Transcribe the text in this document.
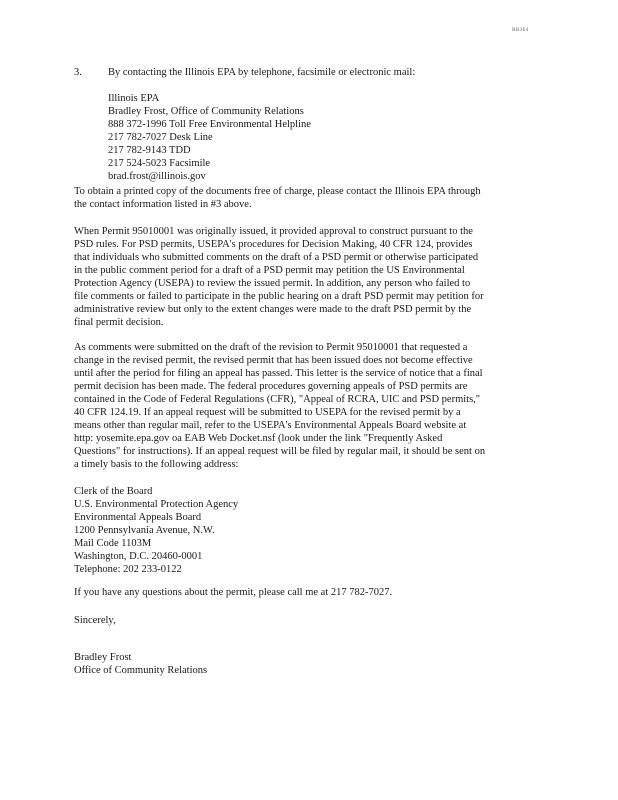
RB364
3. By contacting the Illinois EPA by telephone, facsimile or electronic mail:
Illinois EPA
Bradley Frost, Office of Community Relations
888 372-1996 Toll Free Environmental Helpline
217 782-7027 Desk Line
217 782-9143 TDD
217 524-5023 Facsimile
brad.frost@illinois.gov
To obtain a printed copy of the documents free of charge, please contact the Illinois EPA through
the contact information listed in #3 above.
When Permit 95010001 was originally issued, it provided approval to construct pursuant to the
PSD rules. For PSD permits, USEPA's procedures for Decision Making, 40 CFR 124, provides
that individuals who submitted comments on the draft of a PSD permit or otherwise participated
in the public comment period for a draft of a PSD permit may petition the US Environmental
Protection Agency (USEPA) to review the issued permit. In addition, any person who failed to
file comments or failed to participate in the public hearing on a draft PSD permit may petition for
administrative review but only to the extent changes were made to the draft PSD permit by the
final permit decision.
As comments were submitted on the draft of the revision to Permit 95010001 that requested a
change in the revised permit, the revised permit that has been issued does not become effective
until after the period for filing an appeal has passed. This letter is the service of notice that a final
permit decision has been made. The federal procedures governing appeals of PSD permits are
contained in the Code of Federal Regulations (CFR), "Appeal of RCRA, UIC and PSD permits,"
40 CFR 124.19. If an appeal request will be submitted to USEPA for the revised permit by a
means other than regular mail, refer to the USEPA's Environmental Appeals Board website at
http: yosemite.epa.gov oa EAB Web Docket.nsf (look under the link "Frequently Asked
Questions" for instructions). If an appeal request will be filed by regular mail, it should be sent on
a timely basis to the following address:
Clerk of the Board
U.S. Environmental Protection Agency
Environmental Appeals Board
1200 Pennsylvania Avenue, N.W.
Mail Code 1103M
Washington, D.C. 20460-0001
Telephone: 202 233-0122
If you have any questions about the permit, please call me at 217 782-7027.
Sincerely,
Bradley Frost
Office of Community Relations
